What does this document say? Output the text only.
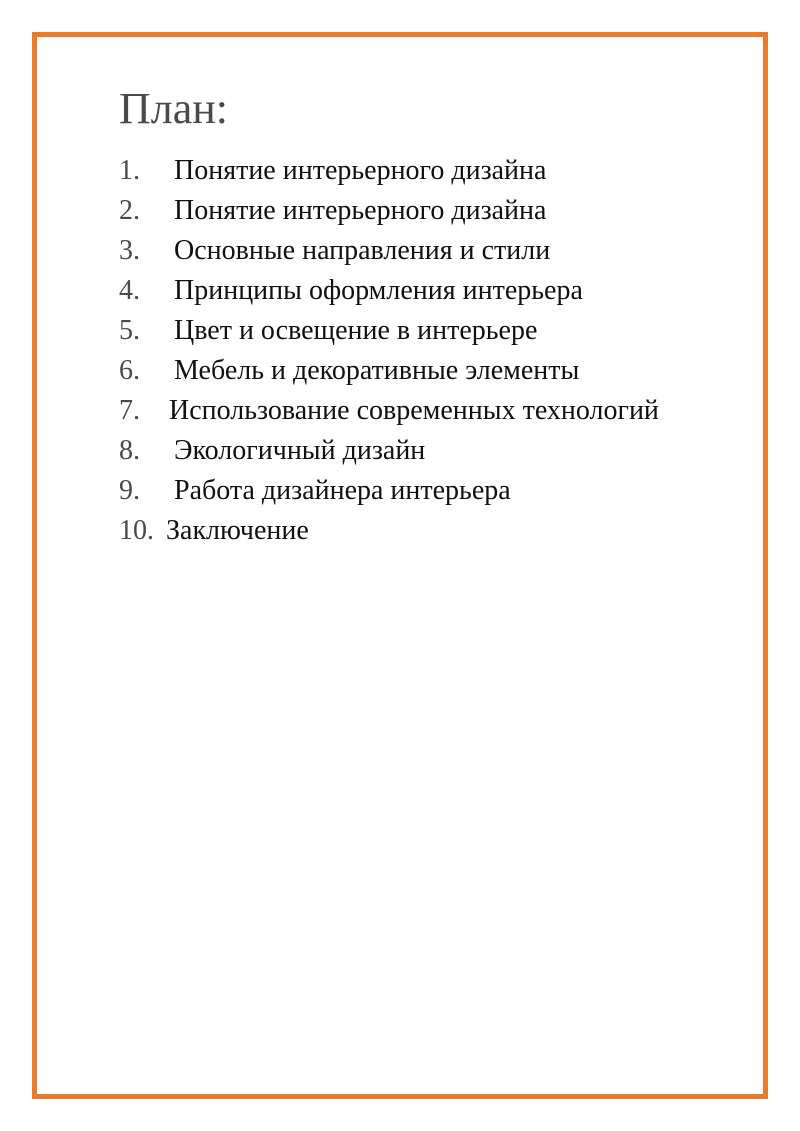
План:
1. Понятие интерьерного дизайна
2. Понятие интерьерного дизайна
3. Основные направления и стили
4. Принципы оформления интерьера
5. Цвет и освещение в интерьере
6. Мебель и декоративные элементы
7. Использование современных технологий
8. Экологичный дизайн
9. Работа дизайнера интерьера
10. Заключение
